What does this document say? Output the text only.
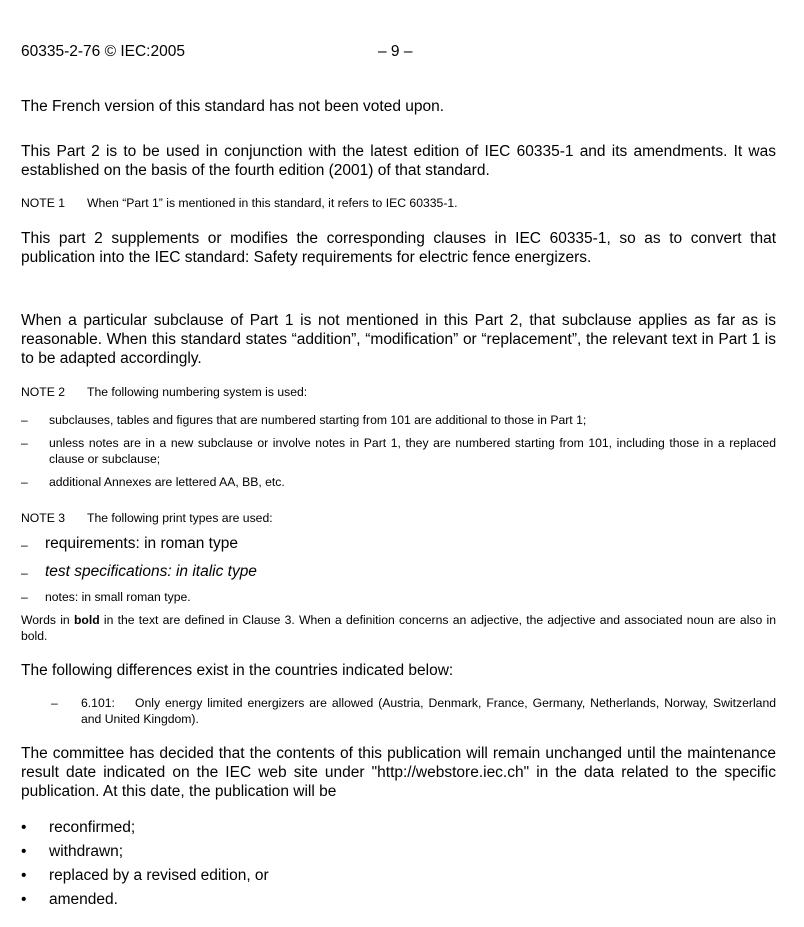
60335-2-76 © IEC:2005	– 9 –
The French version of this standard has not been voted upon.
This Part 2 is to be used in conjunction with the latest edition of IEC 60335-1 and its amendments. It was established on the basis of the fourth edition (2001) of that standard.
NOTE 1 When “Part 1” is mentioned in this standard, it refers to IEC 60335-1.
This part 2 supplements or modifies the corresponding clauses in IEC 60335-1, so as to convert that publication into the IEC standard: Safety requirements for electric fence energizers.
When a particular subclause of Part 1 is not mentioned in this Part 2, that subclause applies as far as is reasonable. When this standard states “addition”, “modification” or “replacement”, the relevant text in Part 1 is to be adapted accordingly.
NOTE 2 The following numbering system is used:
– subclauses, tables and figures that are numbered starting from 101 are additional to those in Part 1;
– unless notes are in a new subclause or involve notes in Part 1, they are numbered starting from 101, including those in a replaced clause or subclause;
– additional Annexes are lettered AA, BB, etc.
NOTE 3 The following print types are used:
– requirements: in roman type
– test specifications: in italic type
– notes: in small roman type.
Words in bold in the text are defined in Clause 3. When a definition concerns an adjective, the adjective and associated noun are also in bold.
The following differences exist in the countries indicated below:
– 6.101: Only energy limited energizers are allowed (Austria, Denmark, France, Germany, Netherlands, Norway, Switzerland and United Kingdom).
The committee has decided that the contents of this publication will remain unchanged until the maintenance result date indicated on the IEC web site under "http://webstore.iec.ch" in the data related to the specific publication. At this date, the publication will be
• reconfirmed;
• withdrawn;
• replaced by a revised edition, or
• amended.
